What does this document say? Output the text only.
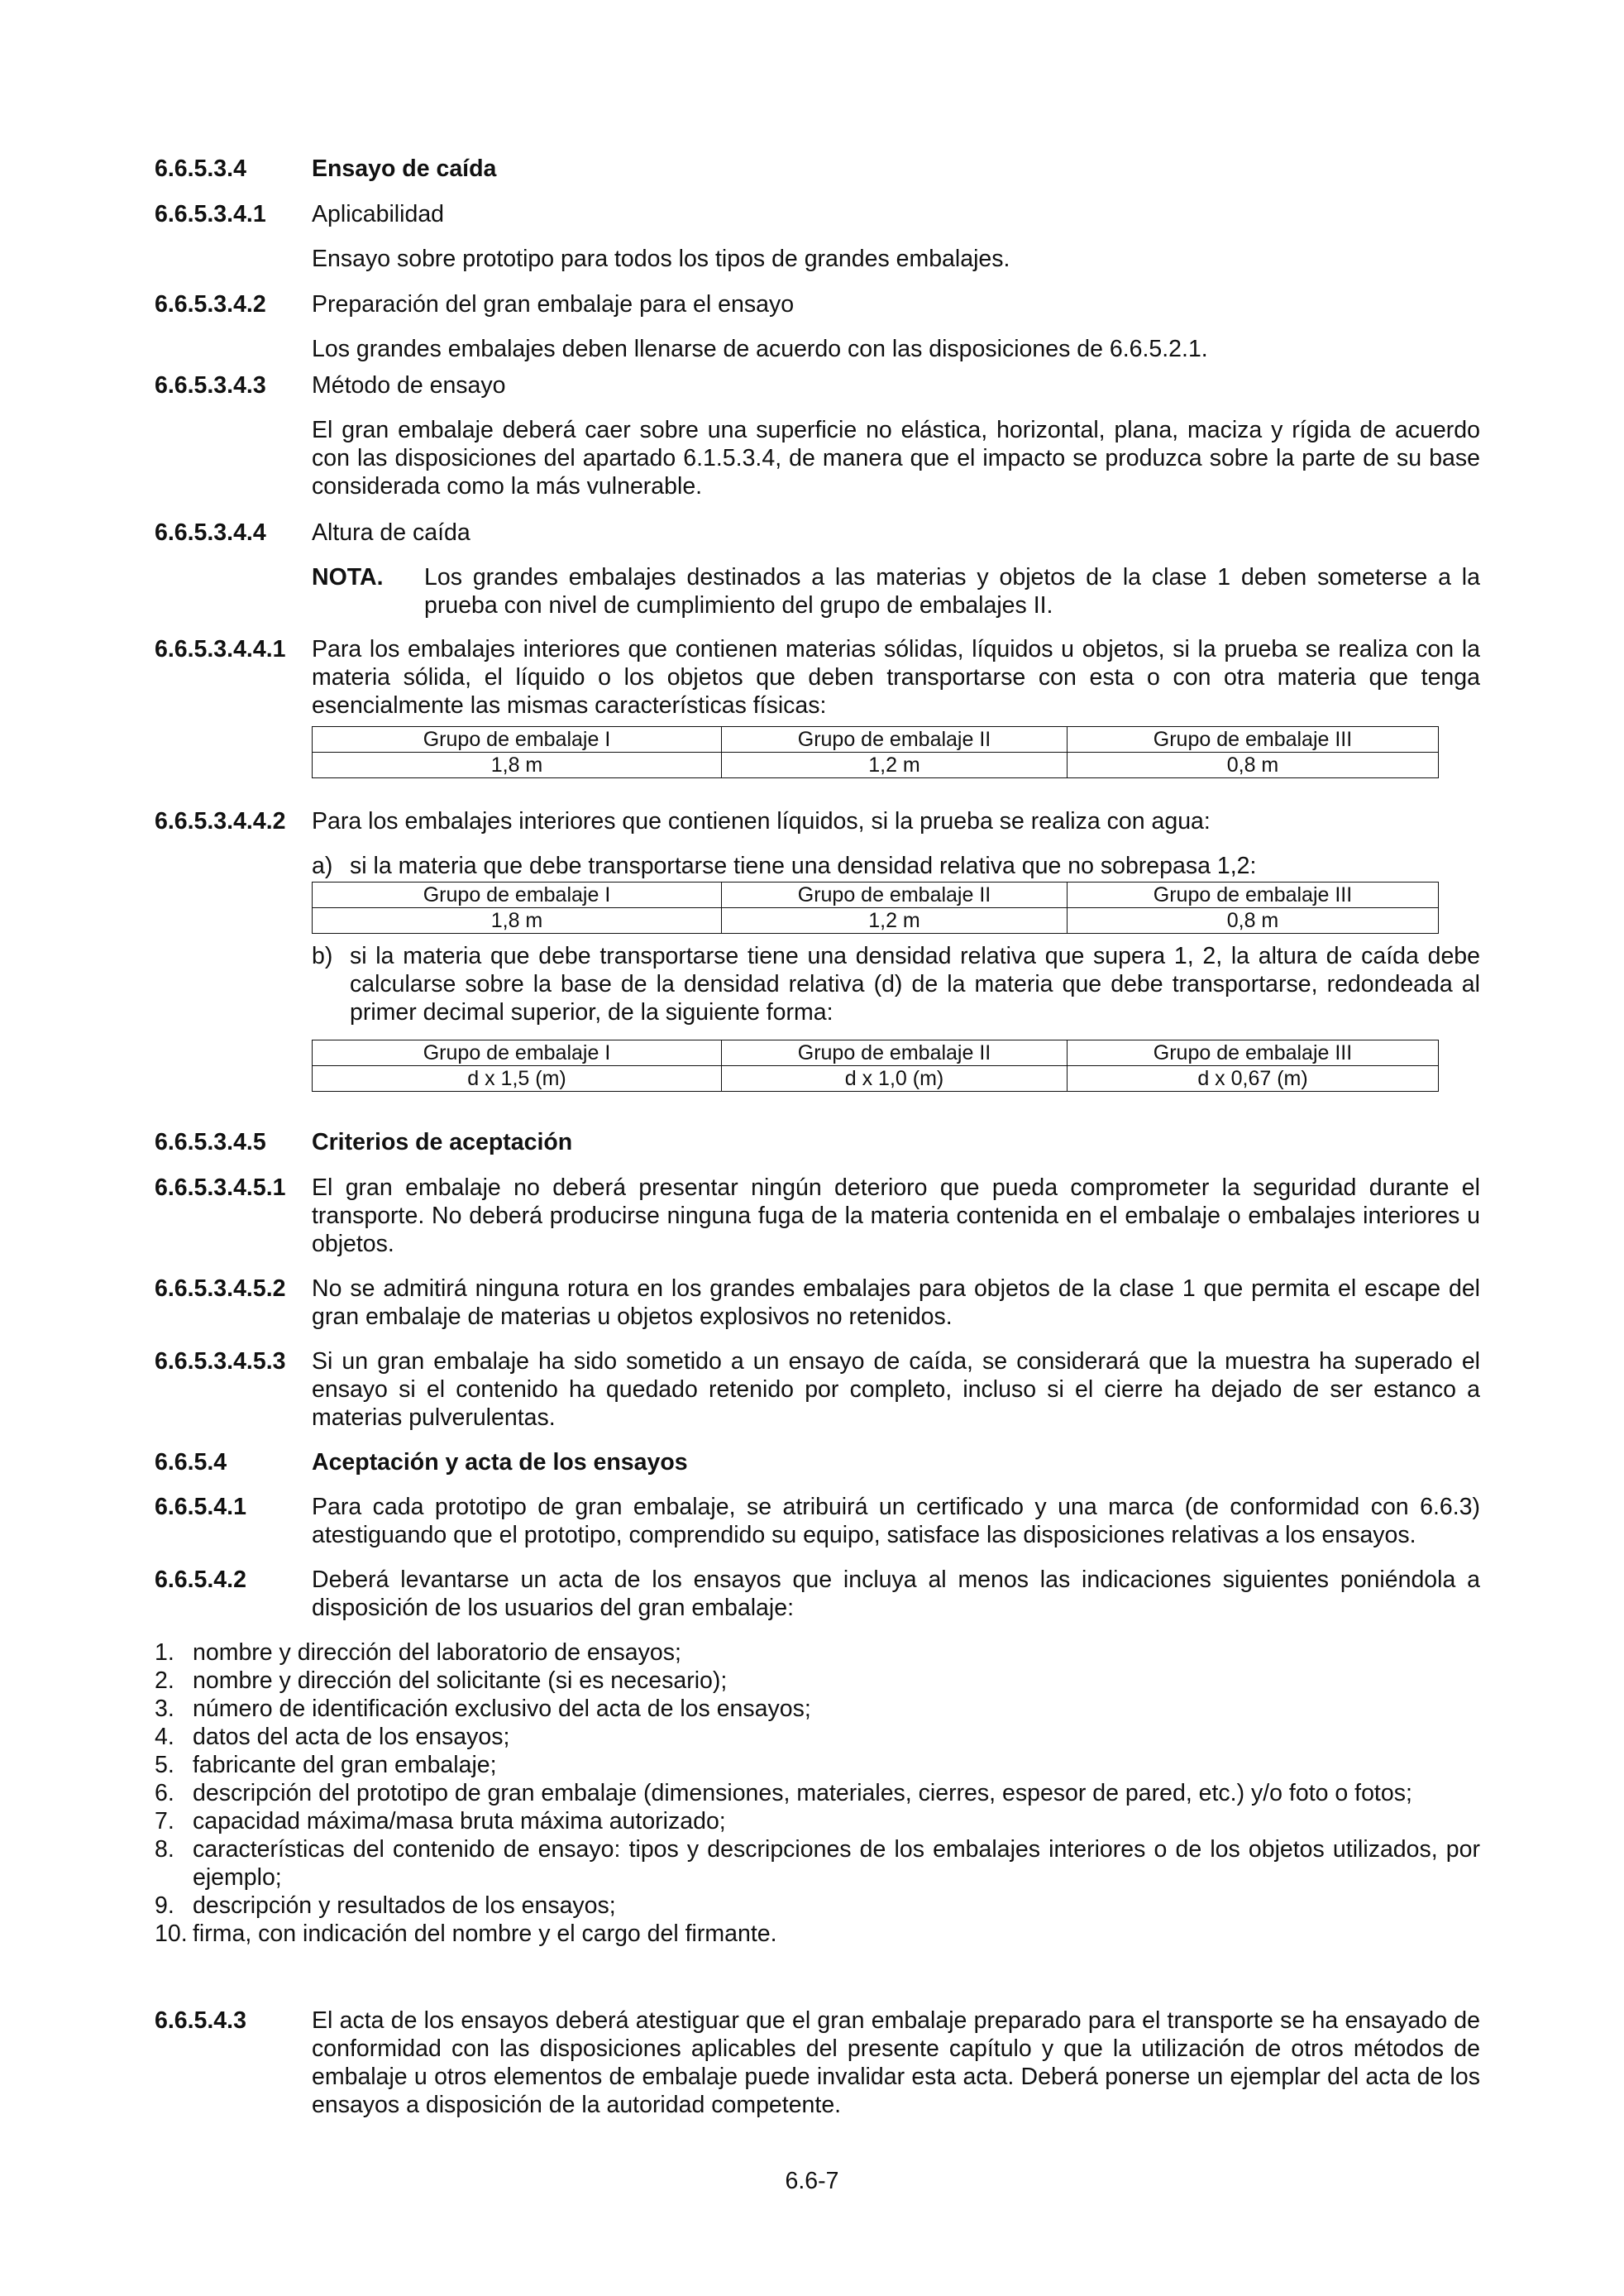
6.6.5.3.4	Ensayo de caída
6.6.5.3.4.1	Aplicabilidad
Ensayo sobre prototipo para todos los tipos de grandes embalajes.
6.6.5.3.4.2	Preparación del gran embalaje para el ensayo
Los grandes embalajes deben llenarse de acuerdo con las disposiciones de 6.6.5.2.1.
6.6.5.3.4.3	Método de ensayo
El gran embalaje deberá caer sobre una superficie no elástica, horizontal, plana, maciza y rígida de acuerdo con las disposiciones del apartado 6.1.5.3.4, de manera que el impacto se produzca sobre la parte de su base considerada como la más vulnerable.
6.6.5.3.4.4	Altura de caída
NOTA.	Los grandes embalajes destinados a las materias y objetos de la clase 1 deben someterse a la prueba con nivel de cumplimiento del grupo de embalajes II.
6.6.5.3.4.4.1	Para los embalajes interiores que contienen materias sólidas, líquidos u objetos, si la prueba se realiza con la materia sólida, el líquido o los objetos que deben transportarse con esta o con otra materia que tenga esencialmente las mismas características físicas:
Grupo de embalaje I	Grupo de embalaje II	Grupo de embalaje III
1,8 m	1,2 m	0,8 m
6.6.5.3.4.4.2	Para los embalajes interiores que contienen líquidos, si la prueba se realiza con agua:
a) si la materia que debe transportarse tiene una densidad relativa que no sobrepasa 1,2:
Grupo de embalaje I	Grupo de embalaje II	Grupo de embalaje III
1,8 m	1,2 m	0,8 m
b) si la materia que debe transportarse tiene una densidad relativa que supera 1, 2, la altura de caída debe calcularse sobre la base de la densidad relativa (d) de la materia que debe transportarse, redondeada al primer decimal superior, de la siguiente forma:
Grupo de embalaje I	Grupo de embalaje II	Grupo de embalaje III
d x 1,5 (m)	d x 1,0 (m)	d x 0,67 (m)
6.6.5.3.4.5	Criterios de aceptación
6.6.5.3.4.5.1	El gran embalaje no deberá presentar ningún deterioro que pueda comprometer la seguridad durante el transporte. No deberá producirse ninguna fuga de la materia contenida en el embalaje o embalajes interiores u objetos.
6.6.5.3.4.5.2	No se admitirá ninguna rotura en los grandes embalajes para objetos de la clase 1 que permita el escape del gran embalaje de materias u objetos explosivos no retenidos.
6.6.5.3.4.5.3	Si un gran embalaje ha sido sometido a un ensayo de caída, se considerará que la muestra ha superado el ensayo si el contenido ha quedado retenido por completo, incluso si el cierre ha dejado de ser estanco a materias pulverulentas.
6.6.5.4	Aceptación y acta de los ensayos
6.6.5.4.1	Para cada prototipo de gran embalaje, se atribuirá un certificado y una marca (de conformidad con 6.6.3) atestiguando que el prototipo, comprendido su equipo, satisface las disposiciones relativas a los ensayos.
6.6.5.4.2	Deberá levantarse un acta de los ensayos que incluya al menos las indicaciones siguientes poniéndola a disposición de los usuarios del gran embalaje:
1. nombre y dirección del laboratorio de ensayos;
2. nombre y dirección del solicitante (si es necesario);
3. número de identificación exclusivo del acta de los ensayos;
4. datos del acta de los ensayos;
5. fabricante del gran embalaje;
6. descripción del prototipo de gran embalaje (dimensiones, materiales, cierres, espesor de pared, etc.) y/o foto o fotos;
7. capacidad máxima/masa bruta máxima autorizado;
8. características del contenido de ensayo: tipos y descripciones de los embalajes interiores o de los objetos utilizados, por ejemplo;
9. descripción y resultados de los ensayos;
10. firma, con indicación del nombre y el cargo del firmante.
6.6.5.4.3	El acta de los ensayos deberá atestiguar que el gran embalaje preparado para el transporte se ha ensayado de conformidad con las disposiciones aplicables del presente capítulo y que la utilización de otros métodos de embalaje u otros elementos de embalaje puede invalidar esta acta. Deberá ponerse un ejemplar del acta de los ensayos a disposición de la autoridad competente.
6.6-7
